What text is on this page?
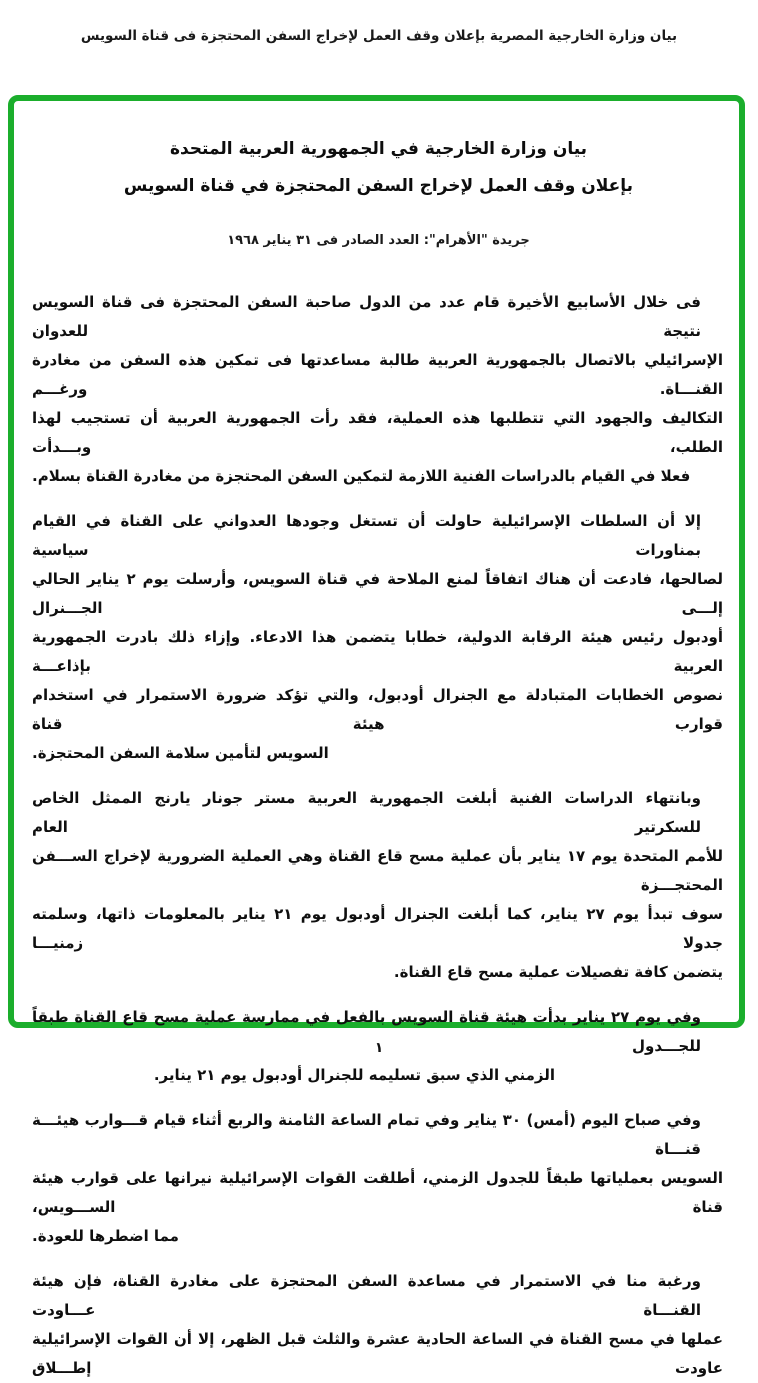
بيان وزارة الخارجية المصرية بإعلان وقف العمل لإخراج السفن المحتجزة فى قناة السويس
بيان وزارة الخارجية في الجمهورية العربية المتحدة
بإعلان وقف العمل لإخراج السفن المحتجزة في قناة السويس
جريدة "الأهرام": العدد الصادر فى ٣١ يناير ١٩٦٨
فى خلال الأسابيع الأخيرة قام عدد من الدول صاحبة السفن المحتجزة فى قناة السويس نتيجة للعدوان
الإسرائيلي بالاتصال بالجمهورية العربية طالبة مساعدتها فى تمكين هذه السفن من مغادرة القنـــاة. ورغـــم
التكاليف والجهود التي تتطلبها هذه العملية، فقد رأت الجمهورية العربية أن تستجيب لهذا الطلب، وبـــدأت
فعلا في القيام بالدراسات الفنية اللازمة لتمكين السفن المحتجزة من مغادرة القناة بسلام.
إلا أن السلطات الإسرائيلية حاولت أن تستغل وجودها العدواني على القناة في القيام بمناورات سياسية
لصالحها، فادعت أن هناك اتفاقاً لمنع الملاحة في قناة السويس، وأرسلت يوم ٢ يناير الحالي إلـــى الجـــنرال
أودبول رئيس هيئة الرقابة الدولية، خطابا يتضمن هذا الادعاء. وإزاء ذلك بادرت الجمهورية العربية بإذاعـــة
نصوص الخطابات المتبادلة مع الجنرال أودبول، والتي تؤكد ضرورة الاستمرار في استخدام قوارب هيئة قناة
السويس لتأمين سلامة السفن المحتجزة.
وبانتهاء الدراسات الفنية أبلغت الجمهورية العربية مستر جونار يارنج الممثل الخاص للسكرتير العام
للأمم المتحدة يوم ١٧ يناير بأن عملية مسح قاع القناة وهي العملية الضرورية لإخراج الســـفن المحتجـــزة
سوف تبدأ يوم ٢٧ يناير، كما أبلغت الجنرال أودبول يوم ٢١ يناير بالمعلومات ذاتها، وسلمته جدولا زمنيـــا
يتضمن كافة تفصيلات عملية مسح قاع القناة.
وفي يوم ٢٧ يناير بدأت هيئة قناة السويس بالفعل في ممارسة عملية مسح قاع القناة طبقاً للجـــدول
الزمني الذي سبق تسليمه للجنرال أودبول يوم ٢١ يناير.
وفي صباح اليوم (أمس) ٣٠ يناير وفي تمام الساعة الثامنة والربع أثناء قيام قـــوارب هيئـــة قنـــاة
السويس بعملياتها طبقاً للجدول الزمني، أطلقت القوات الإسرائيلية نيرانها على قوارب هيئة قناة الســـويس،
مما اضطرها للعودة.
ورغبة منا في الاستمرار في مساعدة السفن المحتجزة على مغادرة القناة، فإن هيئة القنـــاة عـــاودت
عملها في مسح القناة في الساعة الحادية عشرة والثلث قبل الظهر، إلا أن القوات الإسرائيلية عاودت إطـــلاق
١
